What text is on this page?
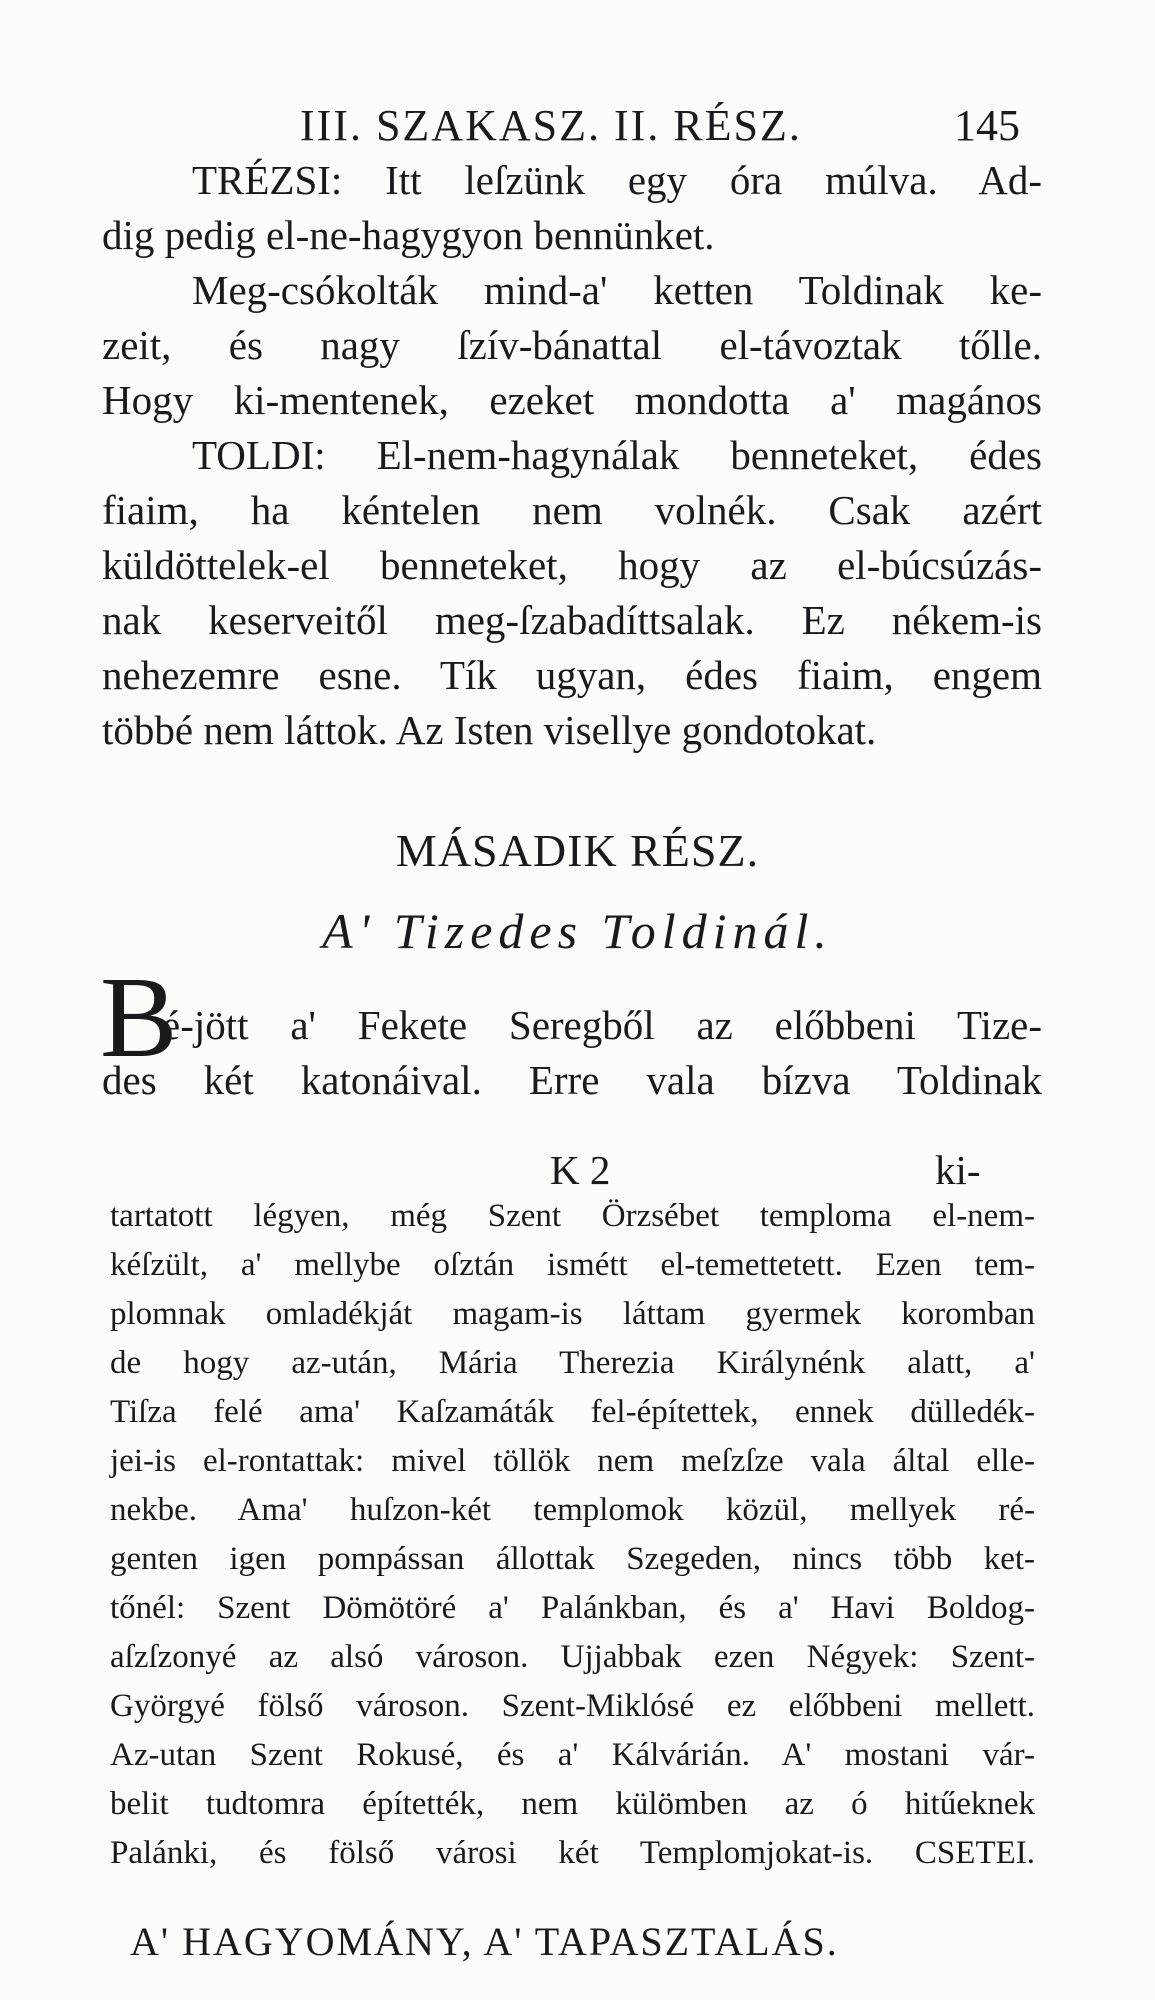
III. SZAKASZ. II. RÉSZ.	145
TRÉZSI: Itt leſzünk egy óra múlva. Ad-
dig pedig el-ne-hagygyon bennünket.
Meg-csókolták mind-a' ketten Toldinak ke-
zeit, és nagy ſzív-bánattal el-távoztak tőlle.
Hogy ki-mentenek, ezeket mondotta a' magános
TOLDI: El-nem-hagynálak benneteket, édes
fiaim, ha kéntelen nem volnék. Csak azért
küldöttelek-el benneteket, hogy az el-búcsúzás-
nak keserveitől meg-ſzabadíttsalak. Ez nékem-is
nehezemre esne. Tík ugyan, édes fiaim, engem
többé nem láttok. Az Isten visellye gondotokat.
MÁSADIK RÉSZ.
A' Tizedes Toldinál.
B
é-jött a' Fekete Seregből az előbbeni Tize-
des két katonáival. Erre vala bízva Toldinak
K 2	ki-
tartatott légyen, még Szent Örzsébet temploma el-nem-
kéſzült, a' mellybe oſztán ismétt el-temettetett. Ezen tem-
plomnak omladékját magam-is láttam gyermek koromban
de hogy az-után, Mária Therezia Királynénk alatt, a'
Tiſza felé ama' Kaſzamáták fel-építettek, ennek dülledék-
jei-is el-rontattak: mivel töllök nem meſzſze vala által elle-
nekbe. Ama' huſzon-két templomok közül, mellyek ré-
genten igen pompássan állottak Szegeden, nincs több ket-
tőnél: Szent Dömötöré a' Palánkban, és a' Havi Boldog-
aſzſzonyé az alsó városon. Ujjabbak ezen Négyek: Szent-
Györgyé fölső városon. Szent-Miklósé ez előbbeni mellett.
Az-utan Szent Rokusé, és a' Kálvárián. A' mostani vár-
belit tudtomra építették, nem külömben az ó hitűeknek
Palánki, és fölső városi két Templomjokat-is. CSETEI.
A' HAGYOMÁNY, A' TAPASZTALÁS.
